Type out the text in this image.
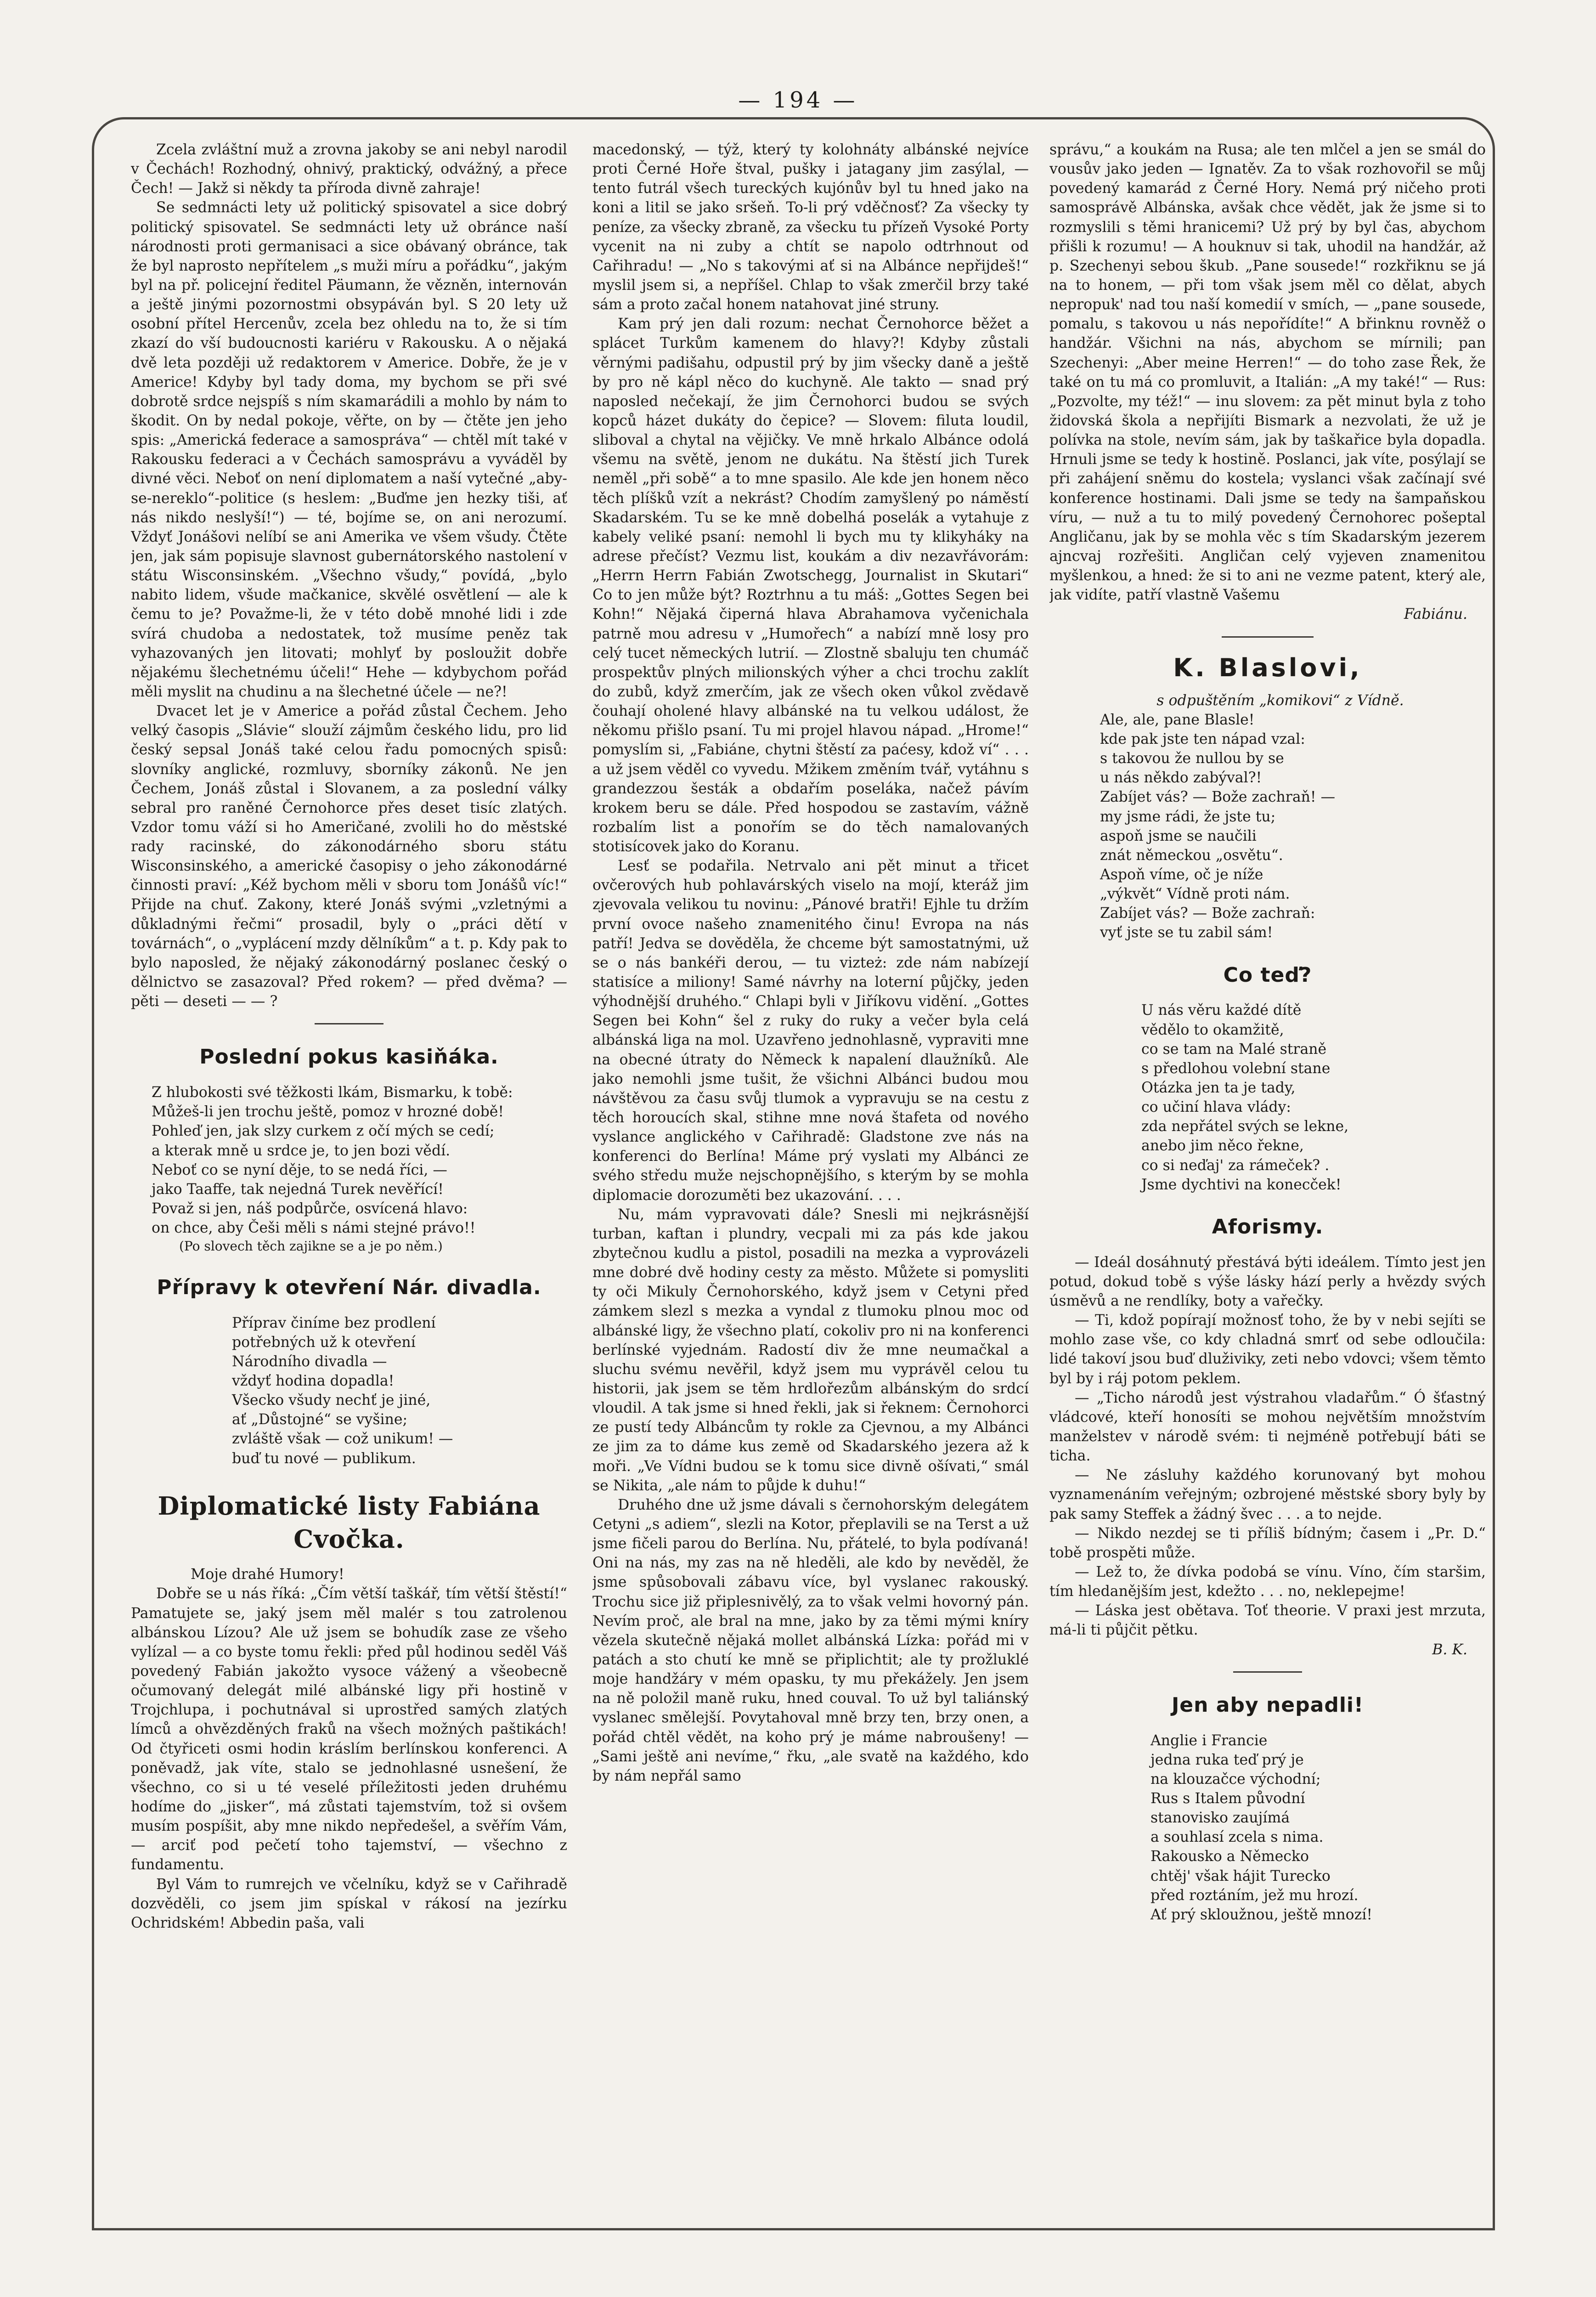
— 194 —

Zcela zvláštní muž a zrovna jakoby se ani nebyl narodil v Čechách! Rozhodný, ohnivý, praktický, odvážný, a přece Čech! — Jakž si někdy ta příroda divně zahraje!

Se sedmnácti lety už politický spisovatel a sice dobrý politický spisovatel. Se sedmnácti lety už obránce naší národnosti proti germanisaci a sice obávaný obránce, tak že byl naprosto nepřítelem „s muži míru a pořádku“, jakým byl na př. policejní ředitel Päumann, že vězněn, internován a ještě jinými pozornostmi obsypáván byl. S 20 lety už osobní přítel Hercenův, zcela bez ohledu na to, že si tím zkazí do vší budoucnosti kariéru v Rakousku. A o nějaká dvě leta později už redaktorem v Americe. Dobře, že je v Americe! Kdyby byl tady doma, my bychom se při své dobrotě srdce nejspíš s ním skamarádili a mohlo by nám to škodit. On by nedal pokoje, věřte, on by — čtěte jen jeho spis: „Americká federace a samospráva“ — chtěl mít také v Rakousku federaci a v Čechách samosprávu a vyváděl by divné věci. Neboť on není diplomatem a naší vytečné „aby-se-nereklo“-politice (s heslem: „Buďme jen hezky tiši, ať nás nikdo neslyší!“) — té, bojíme se, on ani nerozumí. Vždyť Jonášovi nelíbí se ani Amerika ve všem všudy. Čtěte jen, jak sám popisuje slavnost gubernátorského nastolení v státu Wisconsinském. „Všechno všudy,“ povídá, „bylo nabito lidem, všude mačkanice, skvělé osvětlení — ale k čemu to je? Považme-li, že v této době mnohé lidi i zde svírá chudoba a nedostatek, tož musíme peněz tak vyhazovaných jen litovati; mohlyť by posloužit dobře nějakému šlechetnému účeli!“ Hehe — kdybychom pořád měli myslit na chudinu a na šlechetné účele — ne?!

Dvacet let je v Americe a pořád zůstal Čechem. Jeho velký časopis „Slávie“ slouží zájmům českého lidu, pro lid český sepsal Jonáš také celou řadu pomocných spisů: slovníky anglické, rozmluvy, sborníky zákonů. Ne jen Čechem, Jonáš zůstal i Slovanem, a za poslední války sebral pro raněné Černohorce přes deset tisíc zlatých. Vzdor tomu váží si ho Američané, zvolili ho do městské rady racinské, do zákonodárného sboru státu Wisconsinského, a americké časopisy o jeho zákonodárné činnosti praví: „Kéž bychom měli v sboru tom Jonášů víc!“ Přijde na chuť. Zakony, které Jonáš svými „vzletnými a důkladnými řečmi“ prosadil, byly o „práci dětí v továrnách“, o „vyplácení mzdy dělníkům“ a t. p. Kdy pak to bylo naposled, že nějaký zákonodárný poslanec český o dělnictvo se zasazoval? Před rokem? — před dvěma? — pěti — deseti — — ?

Poslední pokus kasiňáka.

Z hlubokosti své těžkosti lkám, Bismarku, k tobě:

Můžeš-li jen trochu ještě, pomoz v hrozné době!

Pohleď jen, jak slzy curkem z očí mých se cedí;

a kterak mně u srdce je, to jen bozi vědí.

Neboť co se nyní děje, to se nedá říci, —

jako Taaffe, tak nejedná Turek nevěřící!

Považ si jen, náš podpůrče, osvícená hlavo:

on chce, aby Češi měli s námi stejné právo!!

(Po slovech těch zajikne se a je po něm.)

Přípravy k otevření Nár. divadla.

Příprav činíme bez prodlení

potřebných už k otevření

Národního divadla —

vždyť hodina dopadla!

Všecko všudy nechť je jiné,

ať „Důstojné“ se vyšine;

zvláště však — což unikum! —

buď tu nové — publikum.

Diplomatické listy Fabiána Cvočka.

Moje drahé Humory!

Dobře se u nás říká: „Čím větší taškář, tím větší štěstí!“ Pamatujete se, jaký jsem měl malér s tou zatrolenou albánskou Lízou? Ale už jsem se bohudík zase ze všeho vylízal — a co byste tomu řekli: před půl hodinou seděl Váš povedený Fabián jakožto vysoce vážený a všeobecně očumovaný delegát milé albánské ligy při hostině v Trojchlupa, i pochutnával si uprostřed samých zlatých límců a ohvězděných fraků na všech možných paštikách! Od čtyřiceti osmi hodin kráslím berlínskou konferenci. A poněvadž, jak víte, stalo se jednohlasné usnešení, že všechno, co si u té veselé příležitosti jeden druhému hodíme do „jisker“, má zůstati tajemstvím, tož si ovšem musím pospíšit, aby mne nikdo nepředešel, a svěřím Vám, — arciť pod pečetí toho tajemství, — všechno z fundamentu.

Byl Vám to rumrejch ve včelníku, když se v Cařihradě dozvěděli, co jsem jim spískal v rákosí na jezírku Ochridském! Abbedin paša, vali

macedonský, — týž, který ty kolohnáty albánské nejvíce proti Černé Hoře štval, pušky i jatagany jim zasýlal, — tento futrál všech tureckých kujónův byl tu hned jako na koni a litil se jako sršeň. To-li prý vděčnosť? Za všecky ty peníze, za všecky zbraně, za všecku tu přízeň Vysoké Porty vycenit na ni zuby a chtít se napolo odtrhnout od Cařihradu! — „No s takovými ať si na Albánce nepřijdeš!“ myslil jsem si, a nepříšel. Chlap to však zmerčil brzy také sám a proto začal honem natahovat jiné struny.

Kam prý jen dali rozum: nechat Černohorce běžet a splácet Turkům kamenem do hlavy?! Kdyby zůstali věrnými padišahu, odpustil prý by jim všecky daně a ještě by pro ně kápl něco do kuchyně. Ale takto — snad prý naposled nečekají, že jim Černohorci budou se svých kopců házet dukáty do čepice? — Slovem: filuta loudil, sliboval a chytal na vějičky. Ve mně hrkalo Albánce odolá všemu na světě, jenom ne dukátu. Na štěstí jich Turek neměl „při sobě“ a to mne spasilo. Ale kde jen honem něco těch plíšků vzít a nekrást? Chodím zamyšlený po náměstí Skadarském. Tu se ke mně dobelhá poselák a vytahuje z kabely veliké psaní: nemohl li bych mu ty klikyháky na adrese přečíst? Vezmu list, koukám a div nezavřávorám: „Herrn Herrn Fabián Zwotschegg, Journalist in Skutari“ Co to jen může být? Roztrhnu a tu máš: „Gottes Segen bei Kohn!“ Nějaká čiperná hlava Abrahamova vyčenichala patrně mou adresu v „Humořech“ a nabízí mně losy pro celý tucet německých lutrií. — Zlostně sbaluju ten chumáč prospektův plných milionských výher a chci trochu zaklít do zubů, když zmerčím, jak ze všech oken vůkol zvědavě čouhají oholené hlavy albánské na tu velkou událost, že někomu přišlo psaní. Tu mi projel hlavou nápad. „Hrome!“ pomyslím si, „Fabiáne, chytni štěstí za paćesy, kdož ví“ . . . a už jsem věděl co vyvedu. Mžikem změním tvář, vytáhnu s grandezzou šesták a obdařím poseláka, načež pávím krokem beru se dále. Před hospodou se zastavím, vážně rozbalím list a ponořím se do těch namalovaných stotisícovek jako do Koranu.

Lesť se podařila. Netrvalo ani pět minut a třicet ovčerových hub pohlavárských viselo na mojí, kteráž jim zjevovala velikou tu novinu: „Pánové bratři! Ejhle tu držím první ovoce našeho znamenitého činu! Evropa na nás patří! Jedva se dověděla, že chceme být samostatnými, už se o nás bankéři derou, — tu vizteż: zde nám nabízejí statisíce a miliony! Samé návrhy na loterní půjčky, jeden výhodnější druhého.“ Chlapi byli v Jiříkovu vidění. „Gottes Segen bei Kohn“ šel z ruky do ruky a večer byla celá albánská liga na mol. Uzavřeno jednohlasně, vypraviti mne na obecné útraty do Německ k napalení dlaužníků. Ale jako nemohli jsme tušit, že všichni Albánci budou mou návštěvou za času svůj tlumok a vypravuju se na cestu z těch horoucích skal, stihne mne nová štafeta od nového vyslance anglického v Cařihradě: Gladstone zve nás na konferenci do Berlína! Máme prý vyslati my Albánci ze svého středu muže nejschopnějšího, s kterým by se mohla diplomacie dorozuměti bez ukazování. . . .

Nu, mám vypravovati dále? Snesli mi nejkrásnější turban, kaftan i plundry, vecpali mi za pás kde jakou zbytečnou kudlu a pistol, posadili na mezka a vyprovázeli mne dobré dvě hodiny cesty za město. Můžete si pomysliti ty oči Mikuly Černohorského, když jsem v Cetyni před zámkem slezl s mezka a vyndal z tlumoku plnou moc od albánské ligy, že všechno platí, cokoliv pro ni na konferenci berlínské vyjednám. Radostí div že mne neumačkal a sluchu svému nevěřil, když jsem mu vyprávěl celou tu historii, jak jsem se těm hrdlořezům albánským do srdcí vloudil. A tak jsme si hned řekli, jak si řeknem: Černohorci ze pustí tedy Albáncům ty rokle za Cjevnou, a my Albánci ze jim za to dáme kus země od Skadarského jezera až k moři. „Ve Vídni budou se k tomu sice divně ošívati,“ smál se Nikita, „ale nám to půjde k duhu!“

Druhého dne už jsme dávali s černohorským delegátem Cetyni „s adiem“, slezli na Kotor, přeplavili se na Terst a už jsme fičeli parou do Berlína. Nu, přátelé, to byla podívaná! Oni na nás, my zas na ně hleděli, ale kdo by nevěděl, že jsme spůsobovali zábavu více, byl vyslanec rakouský. Trochu sice již připlesnivělý, za to však velmi hovorný pán. Nevím proč, ale bral na mne, jako by za těmi mými kníry vězela skutečně nějaká mollet albánská Lízka: pořád mi v patách a sto chutí ke mně se připlichtit; ale ty prožluklé moje handžáry v mém opasku, ty mu překážely. Jen jsem na ně položil maně ruku, hned couval. To už byl taliánský vyslanec smělejší. Povytahoval mně brzy ten, brzy onen, a pořád chtěl vědět, na koho prý je máme nabroušeny! — „Sami ještě ani nevíme,“ řku, „ale svatě na každého, kdo by nám nepřál samo

správu,“ a koukám na Rusa; ale ten mlčel a jen se smál do vousův jako jeden — Ignatěv. Za to však rozhovořil se můj povedený kamarád z Černé Hory. Nemá prý ničeho proti samosprávě Albánska, avšak chce vědět, jak že jsme si to rozmyslili s těmi hranicemi? Už prý by byl čas, abychom přišli k rozumu! — A houknuv si tak, uhodil na handžár, až p. Szechenyi sebou škub. „Pane sousede!“ rozkřiknu se já na to honem, — při tom však jsem měl co dělat, abych nepropuk' nad tou naší komedií v smích, — „pane sousede, pomalu, s takovou u nás nepořídíte!“ A břinknu rovněž o handžár. Všichni na nás, abychom se mírnili; pan Szechenyi: „Aber meine Herren!“ — do toho zase Řek, že také on tu má co promluvit, a Italián: „A my také!“ — Rus: „Pozvolte, my též!“ — inu slovem: za pět minut byla z toho židovská škola a nepřijíti Bismark a nezvolati, že už je polívka na stole, nevím sám, jak by taškařice byla dopadla. Hrnuli jsme se tedy k hostině. Poslanci, jak víte, posýlají se při zahájení sněmu do kostela; vyslanci však začínají své konference hostinami. Dali jsme se tedy na šampaňskou víru, — nuž a tu to milý povedený Černohorec pošeptal Angličanu, jak by se mohla věc s tím Skadarským jezerem ajncvaj rozřešiti. Angličan celý vyjeven znamenitou myšlenkou, a hned: že si to ani ne vezme patent, který ale, jak vidíte, patří vlastně Vašemu

Fabiánu.

K. Blaslovi,

s odpuštěním „komikovi“ z Vídně.

Ale, ale, pane Blasle!

kde pak jste ten nápad vzal:

s takovou že nullou by se

u nás někdo zabýval?!

Zabíjet vás? — Bože zachraň! —

my jsme rádi, že jste tu;

aspoň jsme se naučili

znát německou „osvětu“.

Aspoň víme, oč je níže

„výkvět“ Vídně proti nám.

Zabíjet vás? — Bože zachraň:

vyť jste se tu zabil sám!

Co teď?

U nás věru každé dítě

vědělo to okamžitě,

co se tam na Malé straně

s předlohou volební stane

Otázka jen ta je tady,

co učiní hlava vlády:

zda nepřátel svých se lekne,

anebo jim něco řekne,

co si neďaj' za rámeček? .

Jsme dychtivi na konecček!

Aforismy.

— Ideál dosáhnutý přestává býti ideálem. Tímto jest jen potud, dokud tobě s výše lásky hází perly a hvězdy svých úsměvů a ne rendlíky, boty a vařečky.

— Ti, kdož popírají možnosť toho, že by v nebi sejíti se mohlo zase vše, co kdy chladná smrť od sebe odloučila: lidé takoví jsou buď dluživiky, zeti nebo vdovci; všem těmto byl by i ráj potom peklem.

— „Ticho národů jest výstrahou vladařům.“ Ó šťastný vládcové, kteří honosíti se mohou největším množstvím manželstev v národě svém: ti nejméně potřebují báti se ticha.

— Ne zásluhy každého korunovaný byt mohou vyznamenáním veřejným; ozbrojené městské sbory byly by pak samy Steffek a žádný švec . . . a to nejde.

— Nikdo nezdej se ti příliš bídným; časem i „Pr. D.“ tobě prospěti může.

— Lež to, že dívka podobá se vínu. Víno, čím staršim, tím hledanějším jest, kdežto . . . no, neklepejme!

— Láska jest obětava. Toť theorie. V praxi jest mrzuta, má-li ti půjčit pětku.

B. K.

Jen aby nepadli!

Anglie i Francie

jedna ruka teď prý je

na klouzačce východní;

Rus s Italem původní

stanovisko zaujímá

a souhlasí zcela s nima.

Rakousko a Německo

chtěj' však hájit Turecko

před roztáním, jež mu hrozí.

Ať prý skloužnou, ještě mnozí!
